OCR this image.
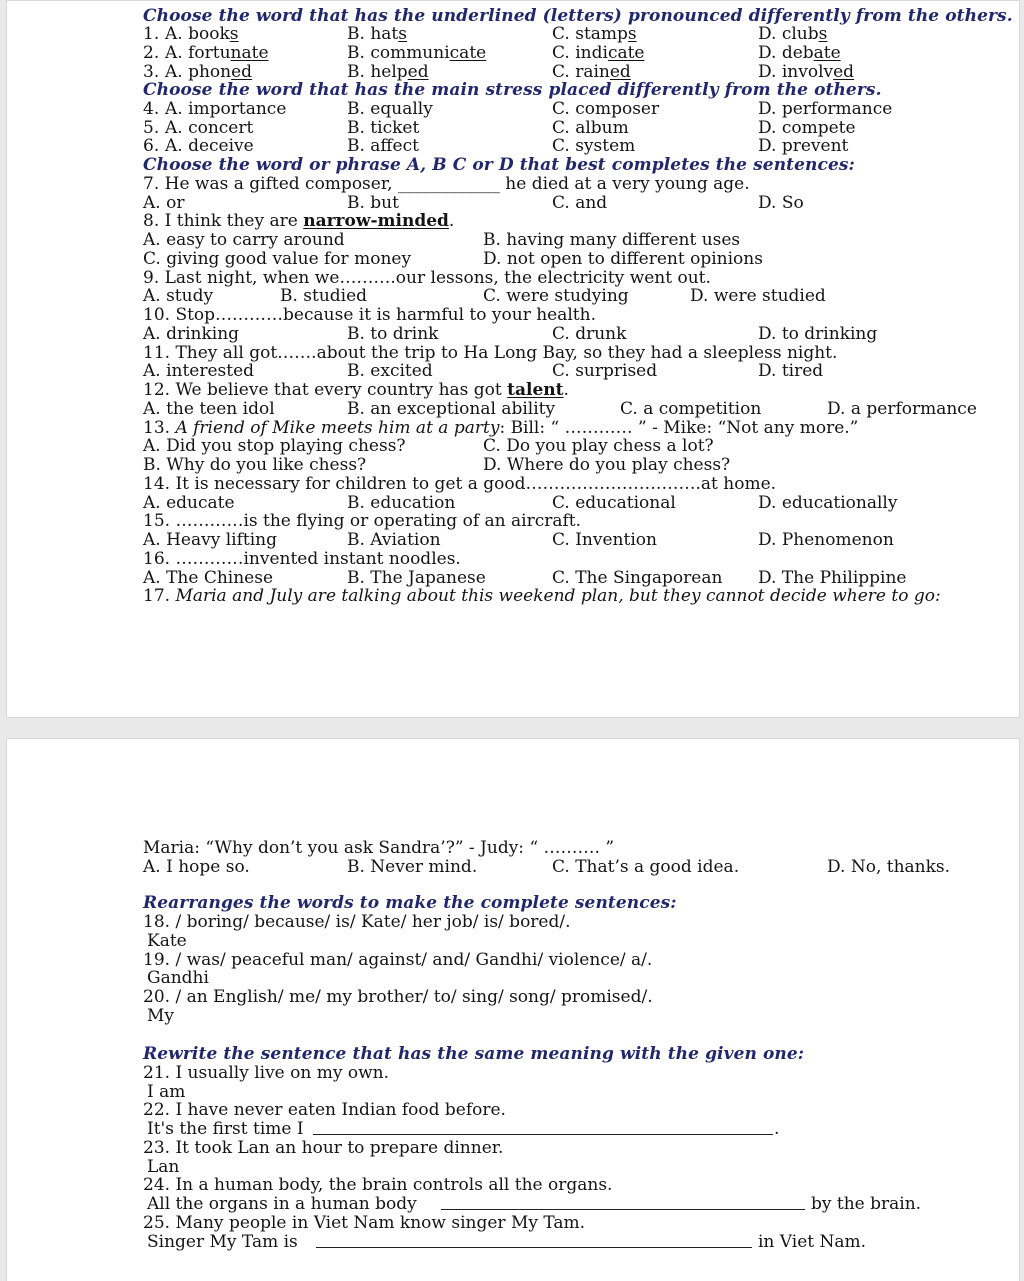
Choose the word that has the underlined (letters) pronounced differently from the others.
1. A. books	B. hats	C. stamps	D. clubs
2. A. fortunate	B. communicate	C. indicate	D. debate
3. A. phoned	B. helped	C. rained	D. involved
Choose the word that has the main stress placed differently from the others.
4. A. importance	B. equally	C. composer	D. performance
5. A. concert	B. ticket	C. album	D. compete
6. A. deceive	B. affect	C. system	D. prevent
Choose the word or phrase A, B C or D that best completes the sentences:
7. He was a gifted composer, ____________ he died at a very young age.
A. or	B. but	C. and	D. So
8. I think they are narrow-minded.
A. easy to carry around	B. having many different uses
C. giving good value for money	D. not open to different opinions
9. Last night, when we……….our lessons, the electricity went out.
A. study	B. studied	C. were studying	D. were studied
10. Stop…………because it is harmful to your health.
A. drinking	B. to drink	C. drunk	D. to drinking
11. They all got…….about the trip to Ha Long Bay, so they had a sleepless night.
A. interested	B. excited	C. surprised	D. tired
12. We believe that every country has got talent.
A. the teen idol	B. an exceptional ability	C. a competition	D. a performance
13. A friend of Mike meets him at a party: Bill: “ ………… ” - Mike: “Not any more.”
A. Did you stop playing chess?	C. Do you play chess a lot?
B. Why do you like chess?	D. Where do you play chess?
14. It is necessary for children to get a good………………………….at home.
A. educate	B. education	C. educational	D. educationally
15. …………is the flying or operating of an aircraft.
A. Heavy lifting	B. Aviation	C. Invention	D. Phenomenon
16. …………invented instant noodles.
A. The Chinese	B. The Japanese	C. The Singaporean D. The Philippine
17. Maria and July are talking about this weekend plan, but they cannot decide where to go:
Maria: “Why don’t you ask Sandra’?” - Judy: “ ………. ”
A. I hope so.	B. Never mind.	C. That’s a good idea.	D. No, thanks.
Rearranges the words to make the complete sentences:
18. / boring/ because/ is/ Kate/ her job/ is/ bored/.
Kate
19. / was/ peaceful man/ against/ and/ Gandhi/ violence/ a/.
Gandhi
20. / an English/ me/ my brother/ to/ sing/ song/ promised/.
My
Rewrite the sentence that has the same meaning with the given one:
21. I usually live on my own.
I am
22. I have never eaten Indian food before.
It's the first time I	.
23. It took Lan an hour to prepare dinner.
Lan
24. In a human body, the brain controls all the organs.
All the organs in a human body	by the brain.
25. Many people in Viet Nam know singer My Tam.
Singer My Tam is	in Viet Nam.
